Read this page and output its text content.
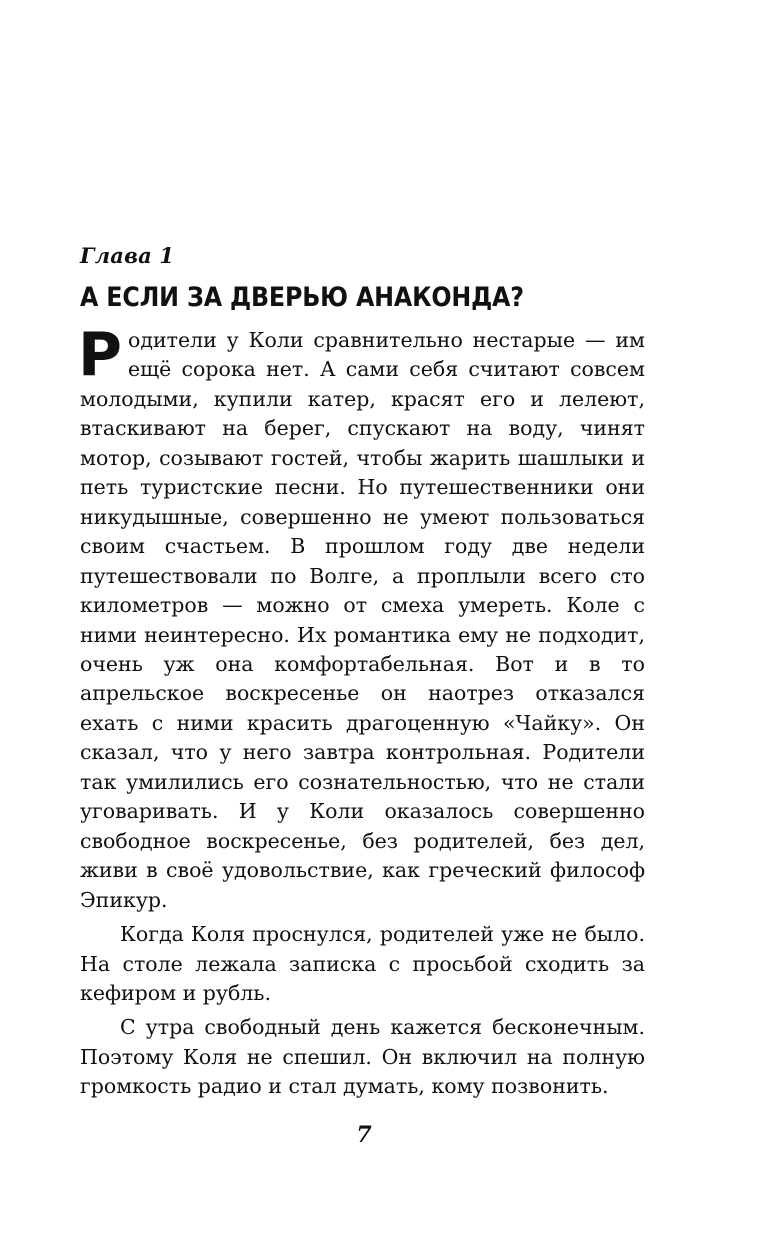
Глава 1
А ЕСЛИ ЗА ДВЕРЬЮ АНАКОНДА?

Родители у Коли сравнительно нестарые — им ещё сорока нет. А сами себя считают совсем молодыми, купили катер, красят его и лелеют, втаскивают на берег, спускают на воду, чинят мотор, созывают гостей, чтобы жарить шашлыки и петь туристские песни. Но путешественники они никудышные, совершенно не умеют пользоваться своим счастьем. В прошлом году две недели путешествовали по Волге, а проплыли всего сто километров — можно от смеха умереть. Коле с ними неинтересно. Их романтика ему не подходит, очень уж она комфортабельная. Вот и в то апрельское воскресенье он наотрез отказался ехать с ними красить драгоценную «Чайку». Он сказал, что у него завтра контрольная. Родители так умилились его сознательностью, что не стали уговаривать. И у Коли оказалось совершенно свободное воскресенье, без родителей, без дел, живи в своё удовольствие, как греческий философ Эпикур.

Когда Коля проснулся, родителей уже не было. На столе лежала записка с просьбой сходить за кефиром и рубль.

С утра свободный день кажется бесконечным. Поэтому Коля не спешил. Он включил на полную громкость радио и стал думать, кому позвонить.

7
